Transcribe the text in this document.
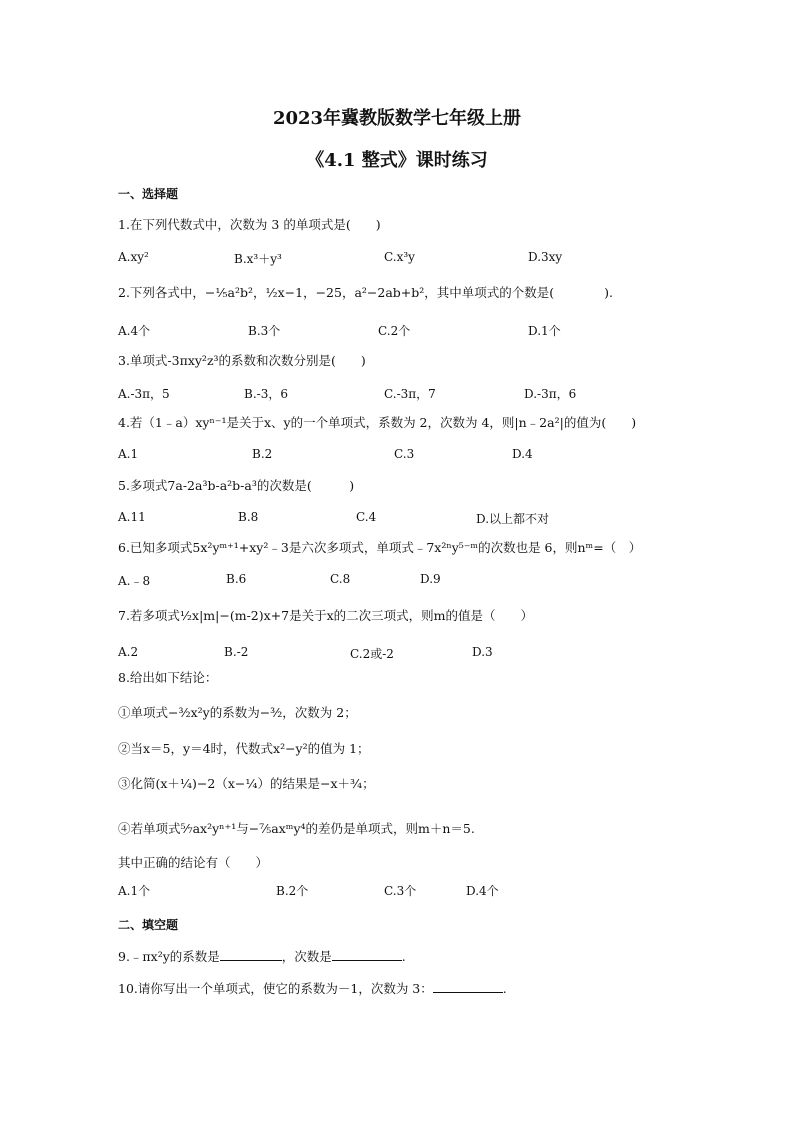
2023年冀教版数学七年级上册
《4.1 整式》课时练习
一、选择题
1.在下列代数式中，次数为 3 的单项式是(　　)
A.xy²	B.x³＋y³	C.x³y	D.3xy
2.下列各式中，−⅕a²b²，½x−1，−25，a²−2ab+b²，其中单项式的个数是(　　　　).
A.4个	B.3个	C.2个	D.1个
3.单项式-3πxy²z³的系数和次数分别是(　　)
A.-3π，5	B.-3，6	C.-3π，7	D.-3π，6
4.若（1﹣a）xyⁿ⁻¹是关于x、y的一个单项式，系数为 2，次数为 4，则|n﹣2a²|的值为(　　)
A.1	B.2	C.3	D.4
5.多项式7a-2a³b-a²b-a³的次数是(　　　)
A.11	B.8	C.4	D.以上都不对
6.已知多项式5x²yᵐ⁺¹+xy²﹣3是六次多项式，单项式﹣7x²ⁿy⁵⁻ᵐ的次数也是 6，则nᵐ=（　）
A.﹣8	B.6	C.8	D.9
7.若多项式½x|m|−(m-2)x+7是关于x的二次三项式，则m的值是（　　）
A.2	B.-2	C.2或-2	D.3
8.给出如下结论：
①单项式−³⁄₂x²y的系数为−³⁄₂，次数为 2；
②当x＝5，y＝4时，代数式x²−y²的值为 1；
③化简(x＋¼)−2（x−¼）的结果是−x＋¾；
④若单项式⁵⁄₇ax²yⁿ⁺¹与−⁷⁄₅axᵐy⁴的差仍是单项式，则m＋n＝5.
其中正确的结论有（　　）
A.1个	B.2个	C.3个	D.4个
二、填空题
9.﹣πx²y的系数是	，次数是	.
10.请你写出一个单项式，使它的系数为－1，次数为 3：	.
